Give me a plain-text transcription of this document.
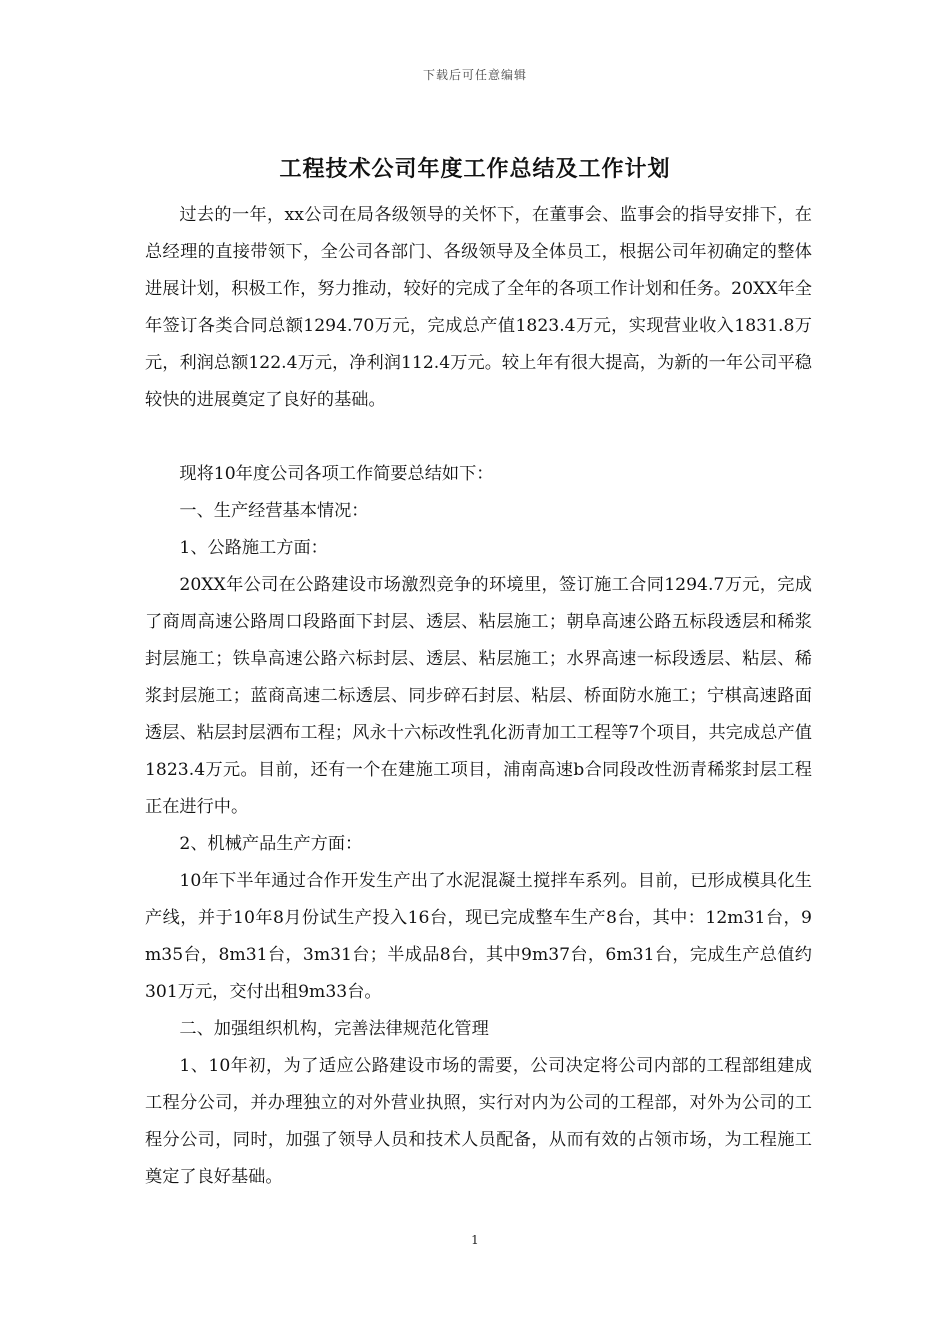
下载后可任意编辑
工程技术公司年度工作总结及工作计划

过去的一年，xx公司在局各级领导的关怀下，在董事会、监事会的指导安排下，在总经理的直接带领下，全公司各部门、各级领导及全体员工，根据公司年初确定的整体进展计划，积极工作，努力推动，较好的完成了全年的各项工作计划和任务。20XX年全年签订各类合同总额1294.70万元，完成总产值1823.4万元，实现营业收入1831.8万元，利润总额122.4万元，净利润112.4万元。较上年有很大提高，为新的一年公司平稳较快的进展奠定了良好的基础。

现将10年度公司各项工作简要总结如下：

一、生产经营基本情况：

1、公路施工方面：

20XX年公司在公路建设市场激烈竞争的环境里，签订施工合同1294.7万元，完成了商周高速公路周口段路面下封层、透层、粘层施工；朝阜高速公路五标段透层和稀浆封层施工；铁阜高速公路六标封层、透层、粘层施工；水界高速一标段透层、粘层、稀浆封层施工；蓝商高速二标透层、同步碎石封层、粘层、桥面防水施工；宁棋高速路面透层、粘层封层洒布工程；风永十六标改性乳化沥青加工工程等7个项目，共完成总产值1823.4万元。目前，还有一个在建施工项目，浦南高速b合同段改性沥青稀浆封层工程正在进行中。

2、机械产品生产方面：

10年下半年通过合作开发生产出了水泥混凝土搅拌车系列。目前，已形成模具化生产线，并于10年8月份试生产投入16台，现已完成整车生产8台，其中：12m31台，9m35台，8m31台，3m31台；半成品8台，其中9m37台，6m31台，完成生产总值约301万元，交付出租9m33台。

二、加强组织机构，完善法律规范化管理

1、10年初，为了适应公路建设市场的需要，公司决定将公司内部的工程部组建成工程分公司，并办理独立的对外营业执照，实行对内为公司的工程部，对外为公司的工程分公司，同时，加强了领导人员和技术人员配备，从而有效的占领市场，为工程施工奠定了良好基础。

1
